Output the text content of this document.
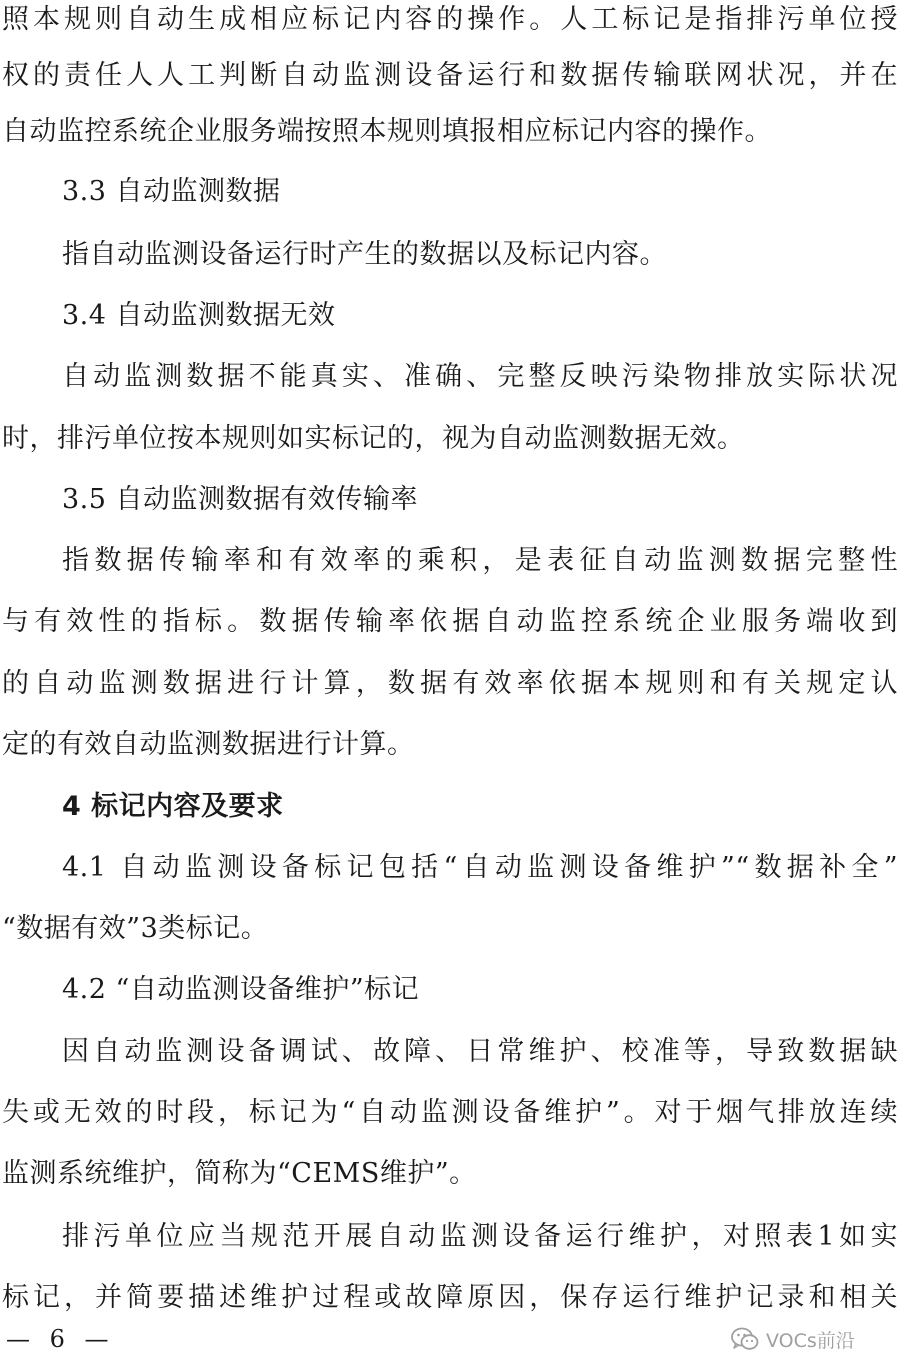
照本规则自动生成相应标记内容的操作。人工标记是指排污单位授
权的责任人人工判断自动监测设备运行和数据传输联网状况，并在
自动监控系统企业服务端按照本规则填报相应标记内容的操作。
3.3 自动监测数据
指自动监测设备运行时产生的数据以及标记内容。
3.4 自动监测数据无效
自动监测数据不能真实、准确、完整反映污染物排放实际状况
时，排污单位按本规则如实标记的，视为自动监测数据无效。
3.5 自动监测数据有效传输率
指数据传输率和有效率的乘积，是表征自动监测数据完整性
与有效性的指标。数据传输率依据自动监控系统企业服务端收到
的自动监测数据进行计算，数据有效率依据本规则和有关规定认
定的有效自动监测数据进行计算。
4 标记内容及要求
4.1 自动监测设备标记包括“自动监测设备维护”“数据补全”
“数据有效”3类标记。
4.2 “自动监测设备维护”标记
因自动监测设备调试、故障、日常维护、校准等，导致数据缺
失或无效的时段，标记为“自动监测设备维护”。对于烟气排放连续
监测系统维护，简称为“CEMS维护”。
排污单位应当规范开展自动监测设备运行维护，对照表1如实
标记，并简要描述维护过程或故障原因，保存运行维护记录和相关
— 6 —	VOCs前沿
